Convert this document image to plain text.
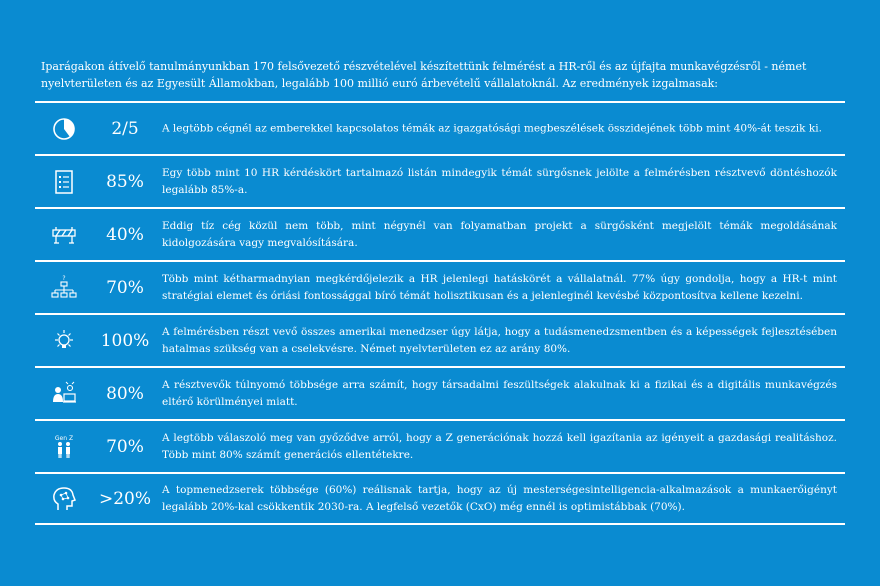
Iparágakon átívelő tanulmányunkban 170 felsővezető részvételével készítettünk felmérést a HR-ről és az újfajta munkavégzésről - német nyelvterületen és az Egyesült Államokban, legalább 100 millió euró árbevételű vállalatoknál. Az eredmények izgalmasak:
2/5	A legtöbb cégnél az emberekkel kapcsolatos témák az igazgatósági megbeszélések összidejének több mint 40%-át teszik ki.
85%	Egy több mint 10 HR kérdéskört tartalmazó listán mindegyik témát sürgősnek jelölte a felmérésben résztvevő döntéshozók legalább 85%-a.
40%	Eddig tíz cég közül nem több, mint négynél van folyamatban projekt a sürgősként megjelölt témák megoldásának kidolgozására vagy megvalósítására.
?	70%	Több mint kétharmadnyian megkérdőjelezik a HR jelenlegi hatáskörét a vállalatnál. 77% úgy gondolja, hogy a HR-t mint stratégiai elemet és óriási fontossággal bíró témát holisztikusan és a jelenleginél kevésbé központosítva kellene kezelni.
100%	A felmérésben részt vevő összes amerikai menedzser úgy látja, hogy a tudásmenedzsmentben és a képességek fejlesztésében hatalmas szükség van a cselekvésre. Német nyelvterületen ez az arány 80%.
80%	A résztvevők túlnyomó többsége arra számít, hogy társadalmi feszültségek alakulnak ki a fizikai és a digitális munkavégzés eltérő körülményei miatt.
Gen Z	70%	A legtöbb válaszoló meg van győződve arról, hogy a Z generációnak hozzá kell igazítania az igényeit a gazdasági realitáshoz. Több mint 80% számít generációs ellentétekre.
>20%	A topmenedzserek többsége (60%) reálisnak tartja, hogy az új mesterségesintelligencia-alkalmazások a munkaerőigényt legalább 20%-kal csökkentik 2030-ra. A legfelső vezetők (CxO) még ennél is optimistábbak (70%).
